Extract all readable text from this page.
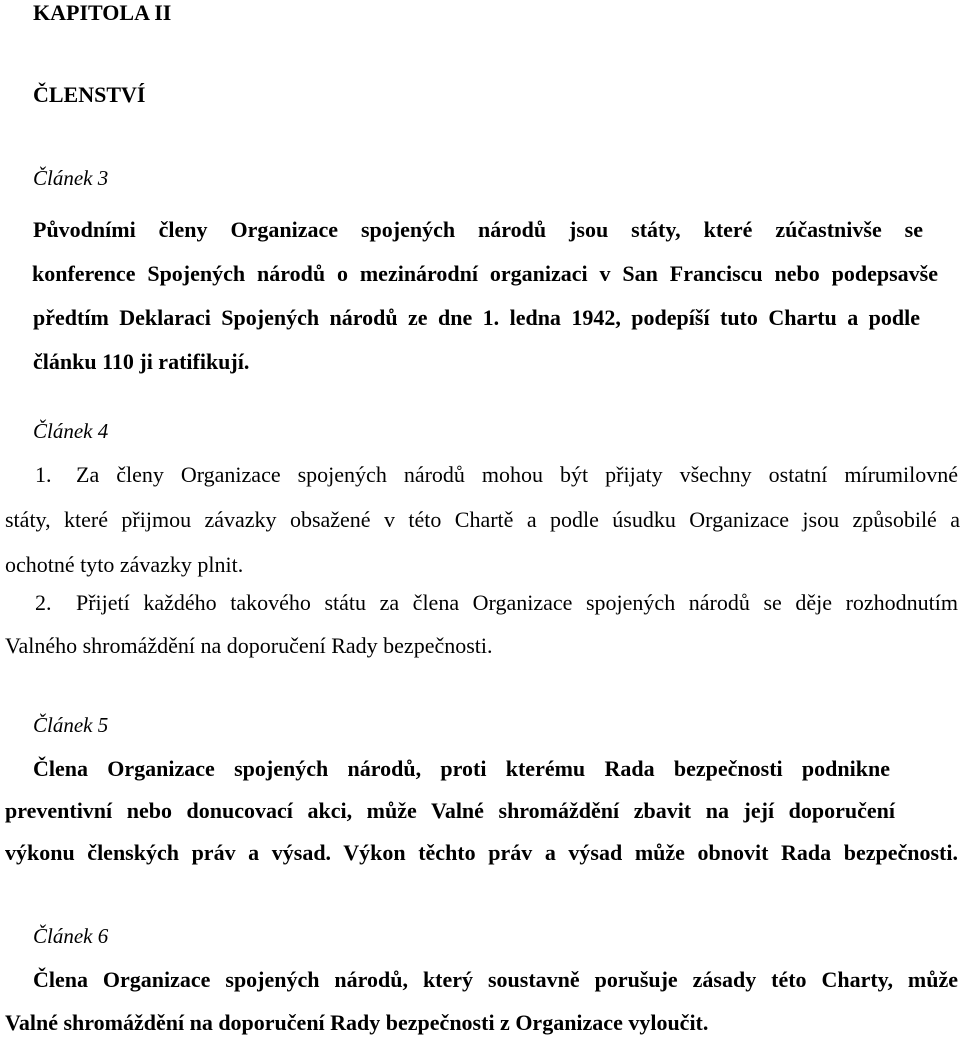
KAPITOLA II
ČLENSTVÍ
Článek 3
Původními členy Organizace spojených národů jsou státy, které zúčastnivše se
konference Spojených národů o mezinárodní organizaci v San Franciscu nebo podepsavše
předtím Deklaraci Spojených národů ze dne 1. ledna 1942, podepíší tuto Chartu a podle
článku 110 ji ratifikují.
Článek 4
1. Za členy Organizace spojených národů mohou být přijaty všechny ostatní mírumilovné

státy, které přijmou závazky obsažené v této Chartě a podle úsudku Organizace jsou způsobilé a
ochotné tyto závazky plnit.
2. Přijetí každého takového státu za člena Organizace spojených národů se děje rozhodnutím

Valného shromáždění na doporučení Rady bezpečnosti.
Článek 5
Člena Organizace spojených národů, proti kterému Rada bezpečnosti podnikne
preventivní nebo donucovací akci, může Valné shromáždění zbavit na její doporučení
výkonu členských práv a výsad. Výkon těchto práv a výsad může obnovit Rada bezpečnosti.
Článek 6
Člena Organizace spojených národů, který soustavně porušuje zásady této Charty, může
Valné shromáždění na doporučení Rady bezpečnosti z Organizace vyloučit.
